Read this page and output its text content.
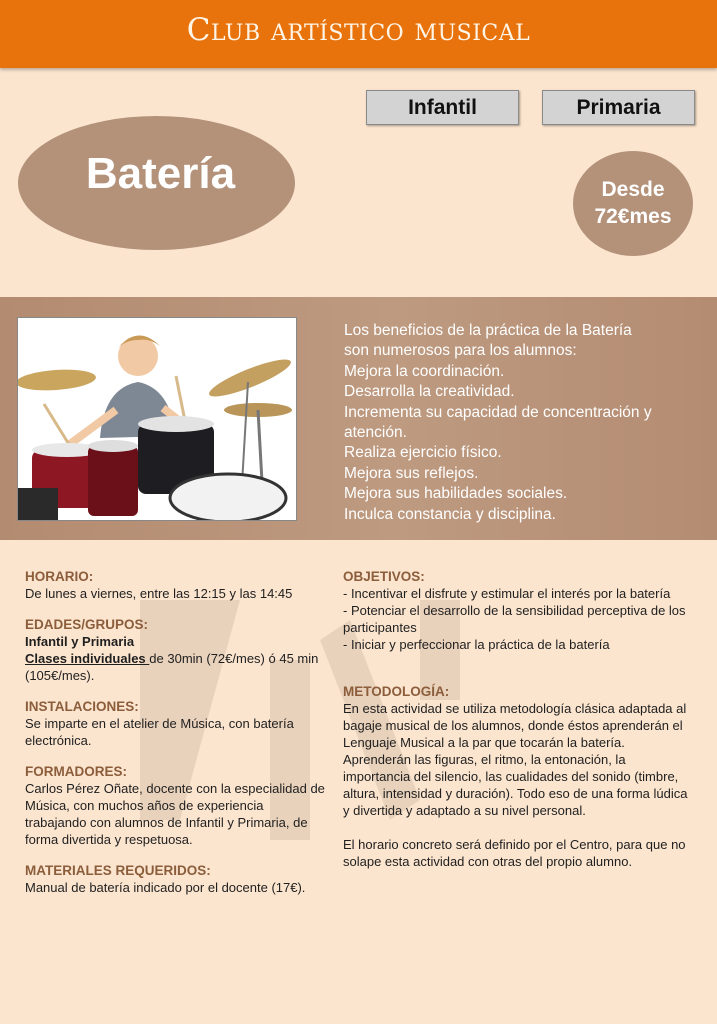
Club artístico musical
Infantil	Primaria
Batería	Desde
72€mes
Los beneficios de la práctica de la Batería
son numerosos para los alumnos:
Mejora la coordinación.
Desarrolla la creatividad.
Incrementa su capacidad de concentración y
atención.
Realiza ejercicio físico.
Mejora sus reflejos.
Mejora sus habilidades sociales.
Inculca constancia y disciplina.

HORARIO:

De lunes a viernes, entre las 12:15 y las 14:45

EDADES/GRUPOS:

Infantil y Primaria

Clases individuales de 30min (72€/mes) ó 45 min (105€/mes).

INSTALACIONES:

Se imparte en el atelier de Música, con batería electrónica.

FORMADORES:

Carlos Pérez Oñate, docente con la especialidad de Música, con muchos años de experiencia trabajando con alumnos de Infantil y Primaria, de forma divertida y respetuosa.

MATERIALES REQUERIDOS:

Manual de batería indicado por el docente (17€).

OBJETIVOS:

- Incentivar el disfrute y estimular el interés por la batería

- Potenciar el desarrollo de la sensibilidad perceptiva de los participantes

- Iniciar y perfeccionar la práctica de la batería

METODOLOGÍA:

En esta actividad se utiliza metodología clásica adaptada al bagaje musical de los alumnos, donde éstos aprenderán el Lenguaje Musical a la par que tocarán la batería. Aprenderán las figuras, el ritmo, la entonación, la importancia del silencio, las cualidades del sonido (timbre, altura, intensidad y duración). Todo eso de una forma lúdica y divertida y adaptado a su nivel personal.

El horario concreto será definido por el Centro, para que no solape esta actividad con otras del propio alumno.
